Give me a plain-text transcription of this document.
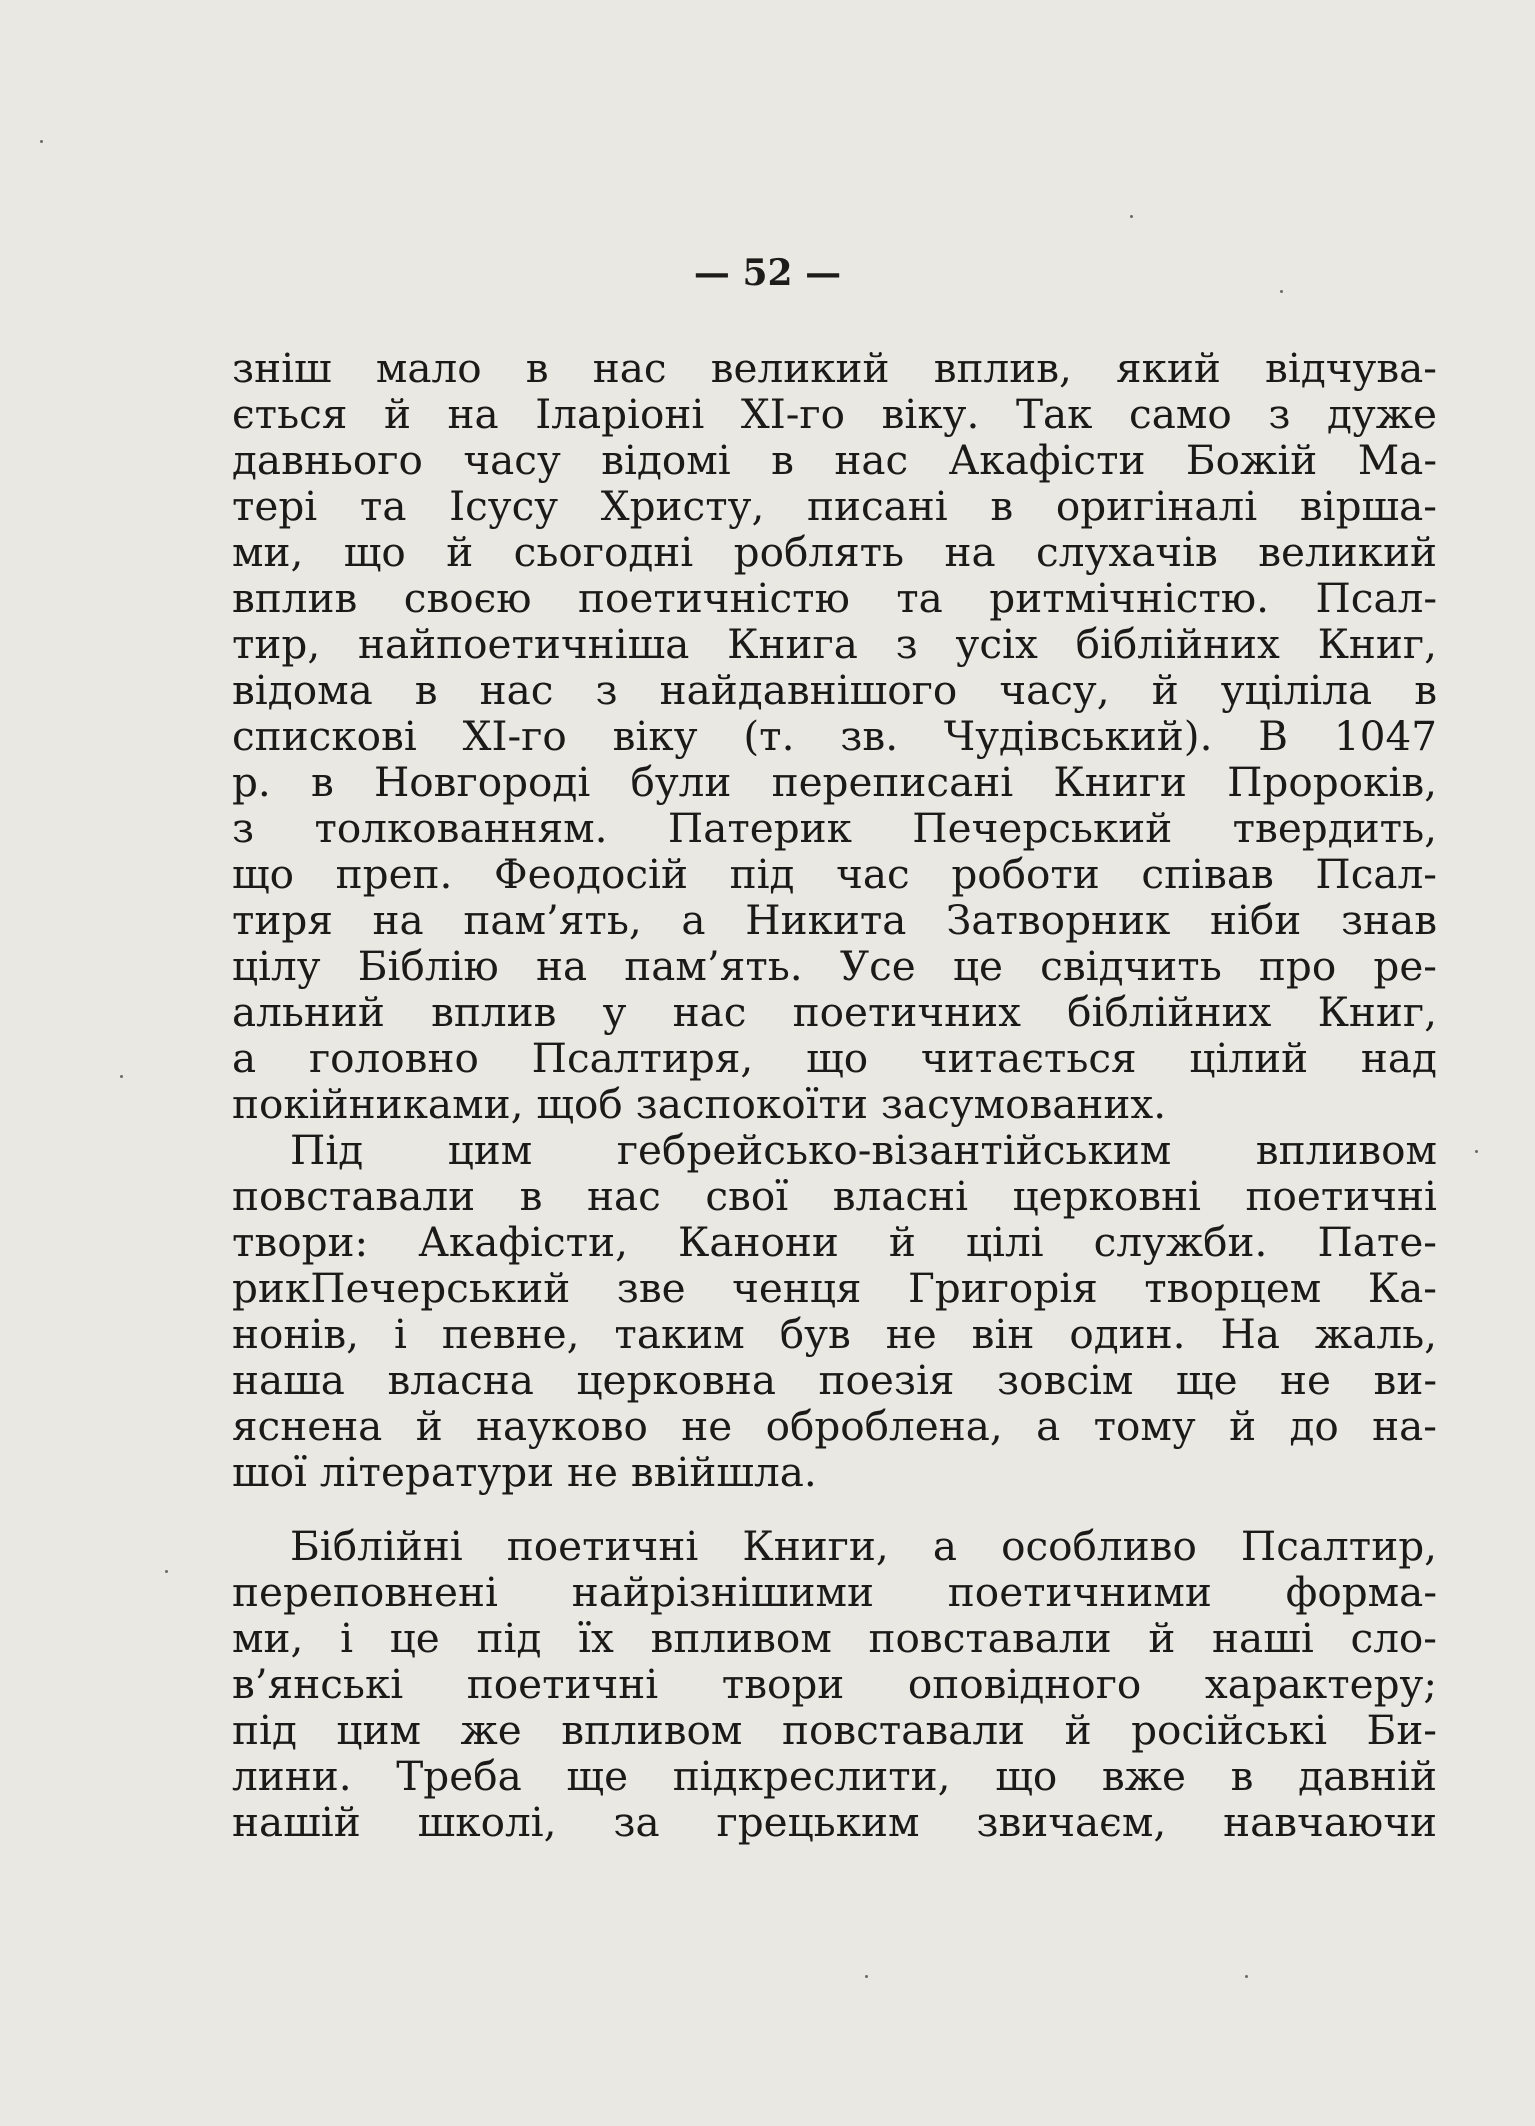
— 52 —
зніш мало в нас великий вплив, який відчува-
ється й на Іларіоні ХІ-го віку. Так само з дуже
давнього часу відомі в нас Акафісти Божій Ма-
тері та Ісусу Христу, писані в оригіналі вірша-
ми, що й сьогодні роблять на слухачів великий
вплив своєю поетичністю та ритмічністю. Псал-
тир, найпоетичніша Книга з усіх біблійних Книг,
відома в нас з найдавнішого часу, й уціліла в
спискові ХІ-го віку (т. зв. Чудівський). В 1047
р. в Новгороді були переписані Книги Пророків,
з толкованням. Патерик Печерський твердить,
що преп. Феодосій під час роботи співав Псал-
тиря на пам’ять, а Никита Затворник ніби знав
цілу Біблію на пам’ять. Усе це свідчить про ре-
альний вплив у нас поетичних біблійних Книг,
а головно Псалтиря, що читається цілий над
покійниками, щоб заспокоїти засумованих.
Під цим гебрейсько-візантійським впливом
повставали в нас свої власні церковні поетичні
твори: Акафісти, Канони й цілі служби. Пате-
рикПечерський зве ченця Григорія творцем Ка-
нонів, і певне, таким був не він один. На жаль,
наша власна церковна поезія зовсім ще не ви-
яснена й науково не оброблена, а тому й до на-
шої літератури не ввійшла.
Біблійні поетичні Книги, а особливо Псалтир,
переповнені найрізнішими поетичними форма-
ми, і це під їх впливом повставали й наші сло-
в’янські поетичні твори оповідного характеру;
під цим же впливом повставали й російські Би-
лини. Треба ще підкреслити, що вже в давній
нашій школі, за грецьким звичаєм, навчаючи
